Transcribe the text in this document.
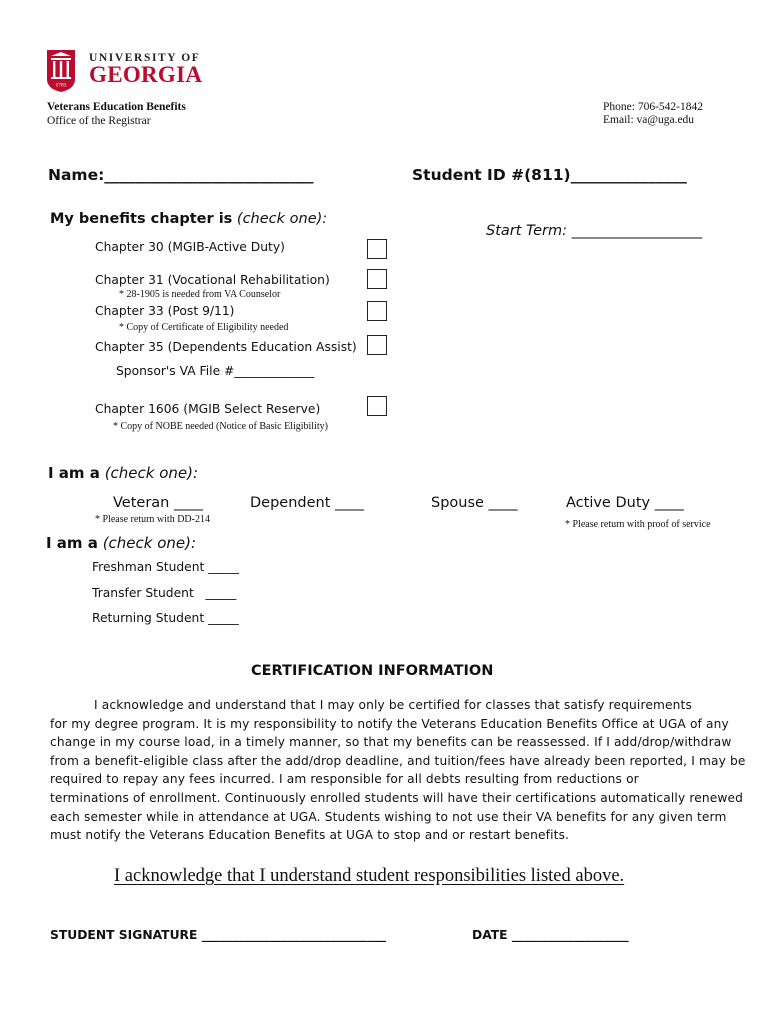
1785
UNIVERSITY OF
GEORGIA
Veterans Education Benefits
Office of the Registrar
Phone: 706-542-1842
Email: va@uga.edu
Name:___________________________	Student ID #(811)_______________
My benefits chapter is (check one):
Start Term: __________________
Chapter 30 (MGIB-Active Duty)
Chapter 31 (Vocational Rehabilitation)
* 28-1905 is needed from VA Counselor
Chapter 33 (Post 9/11)
* Copy of Certificate of Eligibility needed
Chapter 35 (Dependents Education Assist)
Sponsor's VA File #_____________
Chapter 1606 (MGIB Select Reserve)
* Copy of NOBE needed (Notice of Basic Eligibility)
I am a (check one):
Veteran ____	Dependent ____	Spouse ____	Active Duty ____
* Please return with DD-214	* Please return with proof of service
I am a (check one):
Freshman Student _____
Transfer Student   _____
Returning Student _____
CERTIFICATION INFORMATION
I acknowledge and understand that I may only be certified for classes that satisfy requirements
for my degree program. It is my responsibility to notify the Veterans Education Benefits Office at UGA of any
change in my course load, in a timely manner, so that my benefits can be reassessed. If I add/drop/withdraw
from a benefit-eligible class after the add/drop deadline, and tuition/fees have already been reported, I may be
required to repay any fees incurred. I am responsible for all debts resulting from reductions or
terminations of enrollment. Continuously enrolled students will have their certifications automatically renewed
each semester while in attendance at UGA. Students wishing to not use their VA benefits for any given term
must notify the Veterans Education Benefits at UGA to stop and or restart benefits.
I acknowledge that I understand student responsibilities listed above.
STUDENT SIGNATURE ______________________________	DATE ___________________
